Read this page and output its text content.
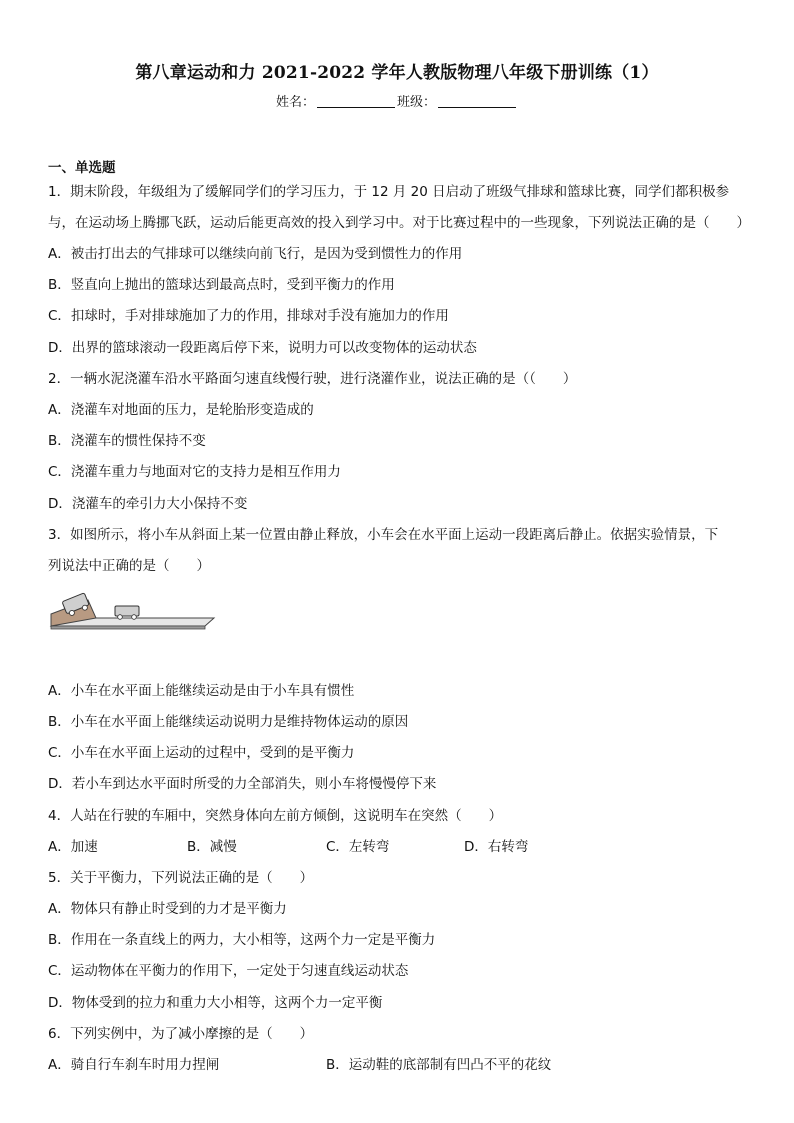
第八章运动和力 2021-2022 学年人教版物理八年级下册训练（1）
姓名：	班级：
一、单选题
1．期末阶段，年级组为了缓解同学们的学习压力，于 12 月 20 日启动了班级气排球和篮球比赛，同学们都积极参
与，在运动场上腾挪飞跃，运动后能更高效的投入到学习中。对于比赛过程中的一些现象，下列说法正确的是（　　）
A．被击打出去的气排球可以继续向前飞行，是因为受到惯性力的作用
B．竖直向上抛出的篮球达到最高点时，受到平衡力的作用
C．扣球时，手对排球施加了力的作用，排球对手没有施加力的作用
D．出界的篮球滚动一段距离后停下来，说明力可以改变物体的运动状态
2．一辆水泥浇灌车沿水平路面匀速直线慢行驶，进行浇灌作业，说法正确的是（（　　）
A．浇灌车对地面的压力，是轮胎形变造成的
B．浇灌车的惯性保持不变
C．浇灌车重力与地面对它的支持力是相互作用力
D．浇灌车的牵引力大小保持不变
3．如图所示，将小车从斜面上某一位置由静止释放，小车会在水平面上运动一段距离后静止。依据实验情景，下
列说法中正确的是（　　）
A．小车在水平面上能继续运动是由于小车具有惯性
B．小车在水平面上能继续运动说明力是维持物体运动的原因
C．小车在水平面上运动的过程中，受到的是平衡力
D．若小车到达水平面时所受的力全部消失，则小车将慢慢停下来
4．人站在行驶的车厢中，突然身体向左前方倾倒，这说明车在突然（　　）
A．加速	B．减慢	C．左转弯	D．右转弯
5．关于平衡力，下列说法正确的是（　　）
A．物体只有静止时受到的力才是平衡力
B．作用在一条直线上的两力，大小相等，这两个力一定是平衡力
C．运动物体在平衡力的作用下，一定处于匀速直线运动状态
D．物体受到的拉力和重力大小相等，这两个力一定平衡
6．下列实例中，为了减小摩擦的是（　　）
A．骑自行车刹车时用力捏闸	B．运动鞋的底部制有凹凸不平的花纹
